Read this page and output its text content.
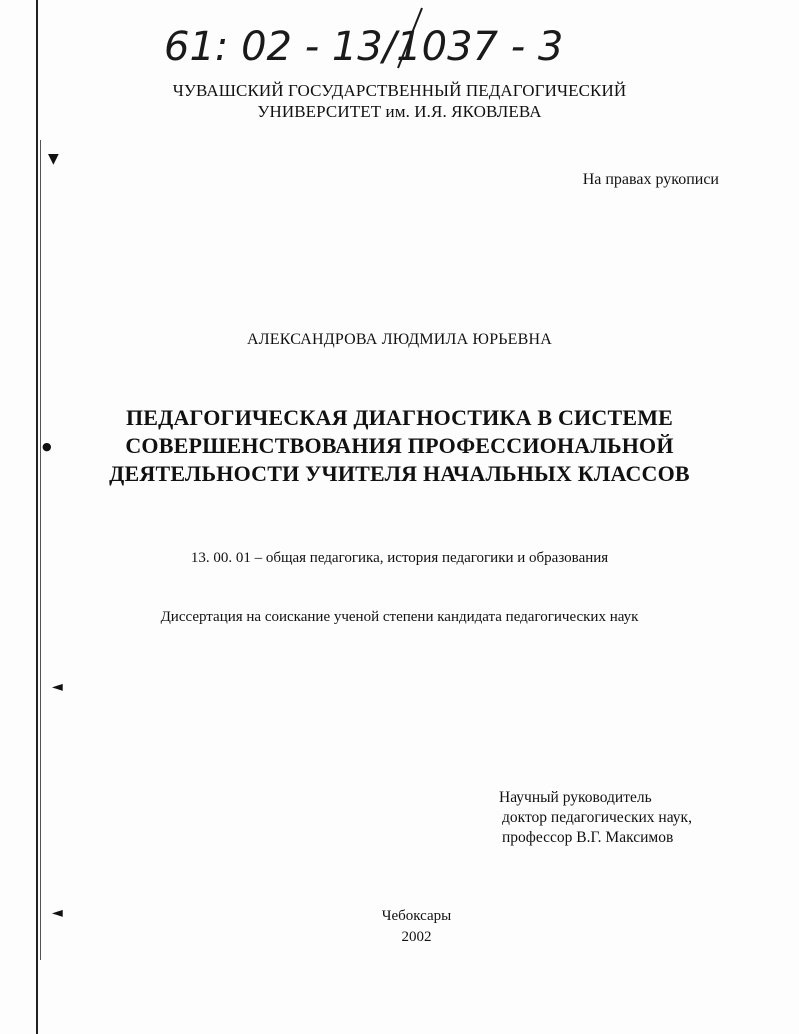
▼
●
◄
◄
61: 02 - 13/1037 - 3
ЧУВАШСКИЙ ГОСУДАРСТВЕННЫЙ ПЕДАГОГИЧЕСКИЙ
УНИВЕРСИТЕТ им. И.Я. ЯКОВЛЕВА
На правах рукописи
АЛЕКСАНДРОВА ЛЮДМИЛА ЮРЬЕВНА
ПЕДАГОГИЧЕСКАЯ ДИАГНОСТИКА В СИСТЕМЕ
СОВЕРШЕНСТВОВАНИЯ ПРОФЕССИОНАЛЬНОЙ
ДЕЯТЕЛЬНОСТИ УЧИТЕЛЯ НАЧАЛЬНЫХ КЛАССОВ
13. 00. 01 – общая педагогика, история педагогики и образования
Диссертация на соискание ученой степени кандидата педагогических наук
Научный руководитель
доктор педагогических наук,
профессор В.Г. Максимов
Чебоксары
2002
